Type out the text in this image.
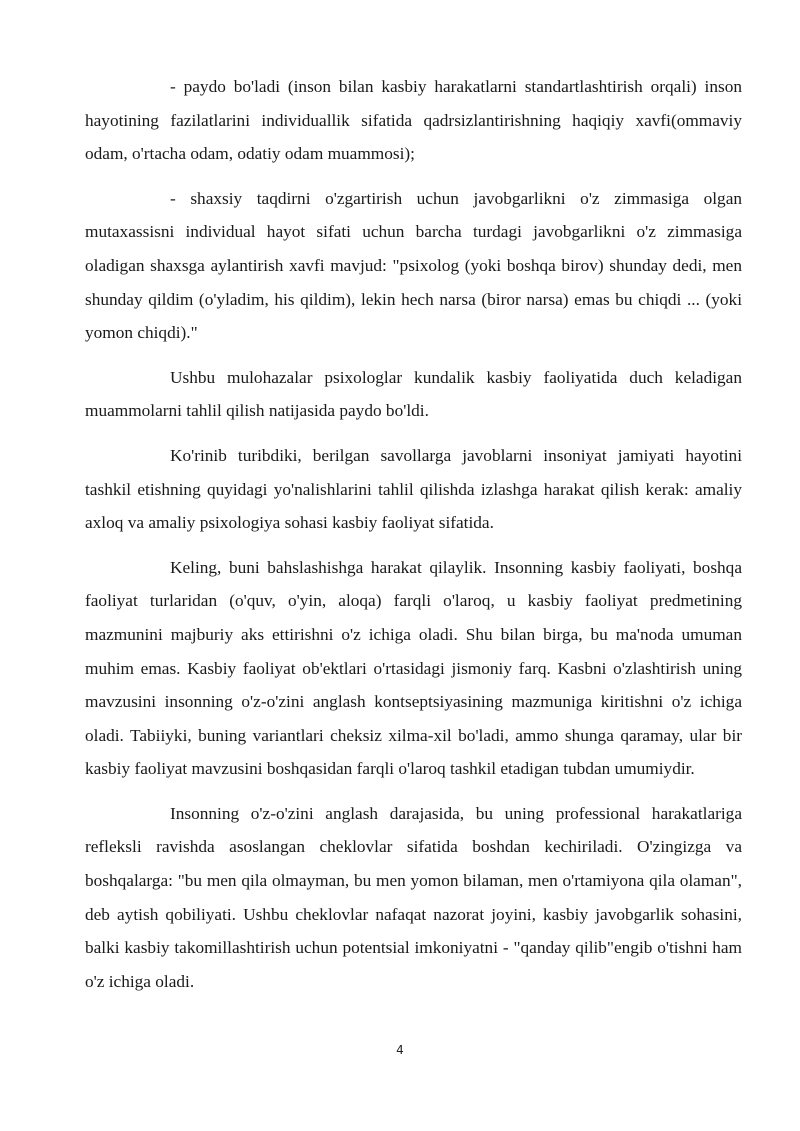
- paydo bo'ladi (inson bilan kasbiy harakatlarni standartlashtirish orqali) inson hayotining fazilatlarini individuallik sifatida qadrsizlantirishning haqiqiy xavfi(ommaviy odam, o'rtacha odam, odatiy odam muammosi);

- shaxsiy taqdirni o'zgartirish uchun javobgarlikni o'z zimmasiga olgan mutaxassisni individual hayot sifati uchun barcha turdagi javobgarlikni o'z zimmasiga oladigan shaxsga aylantirish xavfi mavjud: "psixolog (yoki boshqa birov) shunday dedi, men shunday qildim (o'yladim, his qildim), lekin hech narsa (biror narsa) emas bu chiqdi ... (yoki yomon chiqdi)."

Ushbu mulohazalar psixologlar kundalik kasbiy faoliyatida duch keladigan muammolarni tahlil qilish natijasida paydo bo'ldi.

Ko'rinib turibdiki, berilgan savollarga javoblarni insoniyat jamiyati hayotini tashkil etishning quyidagi yo'nalishlarini tahlil qilishda izlashga harakat qilish kerak: amaliy axloq va amaliy psixologiya sohasi kasbiy faoliyat sifatida.

Keling, buni bahslashishga harakat qilaylik. Insonning kasbiy faoliyati, boshqa faoliyat turlaridan (o'quv, o'yin, aloqa) farqli o'laroq, u kasbiy faoliyat predmetining mazmunini majburiy aks ettirishni o'z ichiga oladi. Shu bilan birga, bu ma'noda umuman muhim emas. Kasbiy faoliyat ob'ektlari o'rtasidagi jismoniy farq. Kasbni o'zlashtirish uning mavzusini insonning o'z-o'zini anglash kontseptsiyasining mazmuniga kiritishni o'z ichiga oladi. Tabiiyki, buning variantlari cheksiz xilma-xil bo'ladi, ammo shunga qaramay, ular bir kasbiy faoliyat mavzusini boshqasidan farqli o'laroq tashkil etadigan tubdan umumiydir.

Insonning o'z-o'zini anglash darajasida, bu uning professional harakatlariga refleksli ravishda asoslangan cheklovlar sifatida boshdan kechiriladi. O'zingizga va boshqalarga: "bu men qila olmayman, bu men yomon bilaman, men o'rtamiyona qila olaman", deb aytish qobiliyati. Ushbu cheklovlar nafaqat nazorat joyini, kasbiy javobgarlik sohasini, balki kasbiy takomillashtirish uchun potentsial imkoniyatni - "qanday qilib"engib o'tishni ham o'z ichiga oladi.

4
